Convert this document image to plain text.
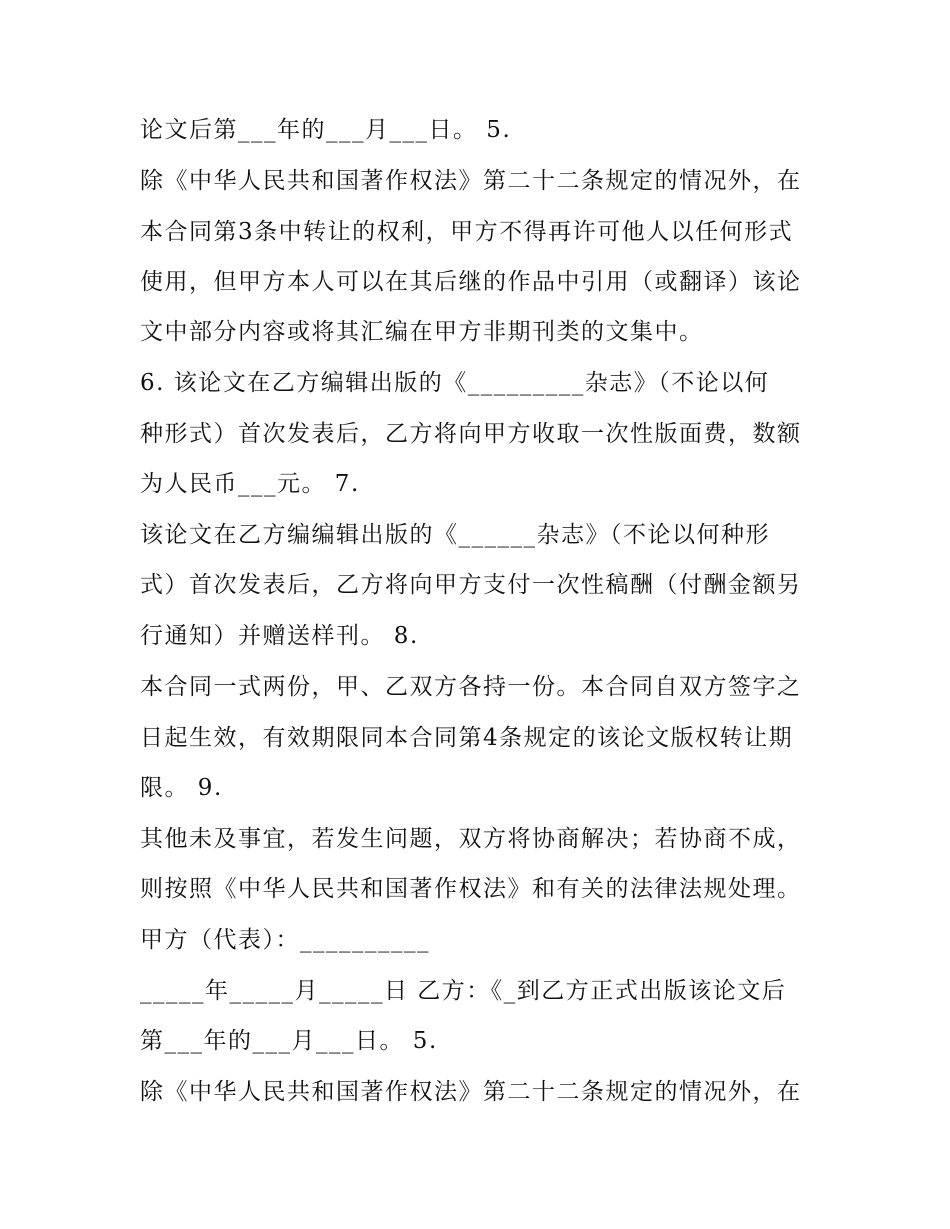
论文后第___年的___月___日。 5.
除《中华人民共和国著作权法》第二十二条规定的情况外，在
本合同第3条中转让的权利，甲方不得再许可他人以任何形式
使用，但甲方本人可以在其后继的作品中引用（或翻译）该论
文中部分内容或将其汇编在甲方非期刊类的文集中。
6. 该论文在乙方编辑出版的《_________杂志》（不论以何
种形式）首次发表后，乙方将向甲方收取一次性版面费，数额
为人民币___元。 7.
该论文在乙方编编辑出版的《______杂志》（不论以何种形
式）首次发表后，乙方将向甲方支付一次性稿酬（付酬金额另
行通知）并赠送样刊。 8.
本合同一式两份，甲、乙双方各持一份。本合同自双方签字之
日起生效，有效期限同本合同第4条规定的该论文版权转让期
限。 9.
其他未及事宜，若发生问题，双方将协商解决；若协商不成，
则按照《中华人民共和国著作权法》和有关的法律法规处理。
甲方（代表）：__________
_____年_____月_____日 乙方：《_到乙方正式出版该论文后
第___年的___月___日。 5.
除《中华人民共和国著作权法》第二十二条规定的情况外，在
